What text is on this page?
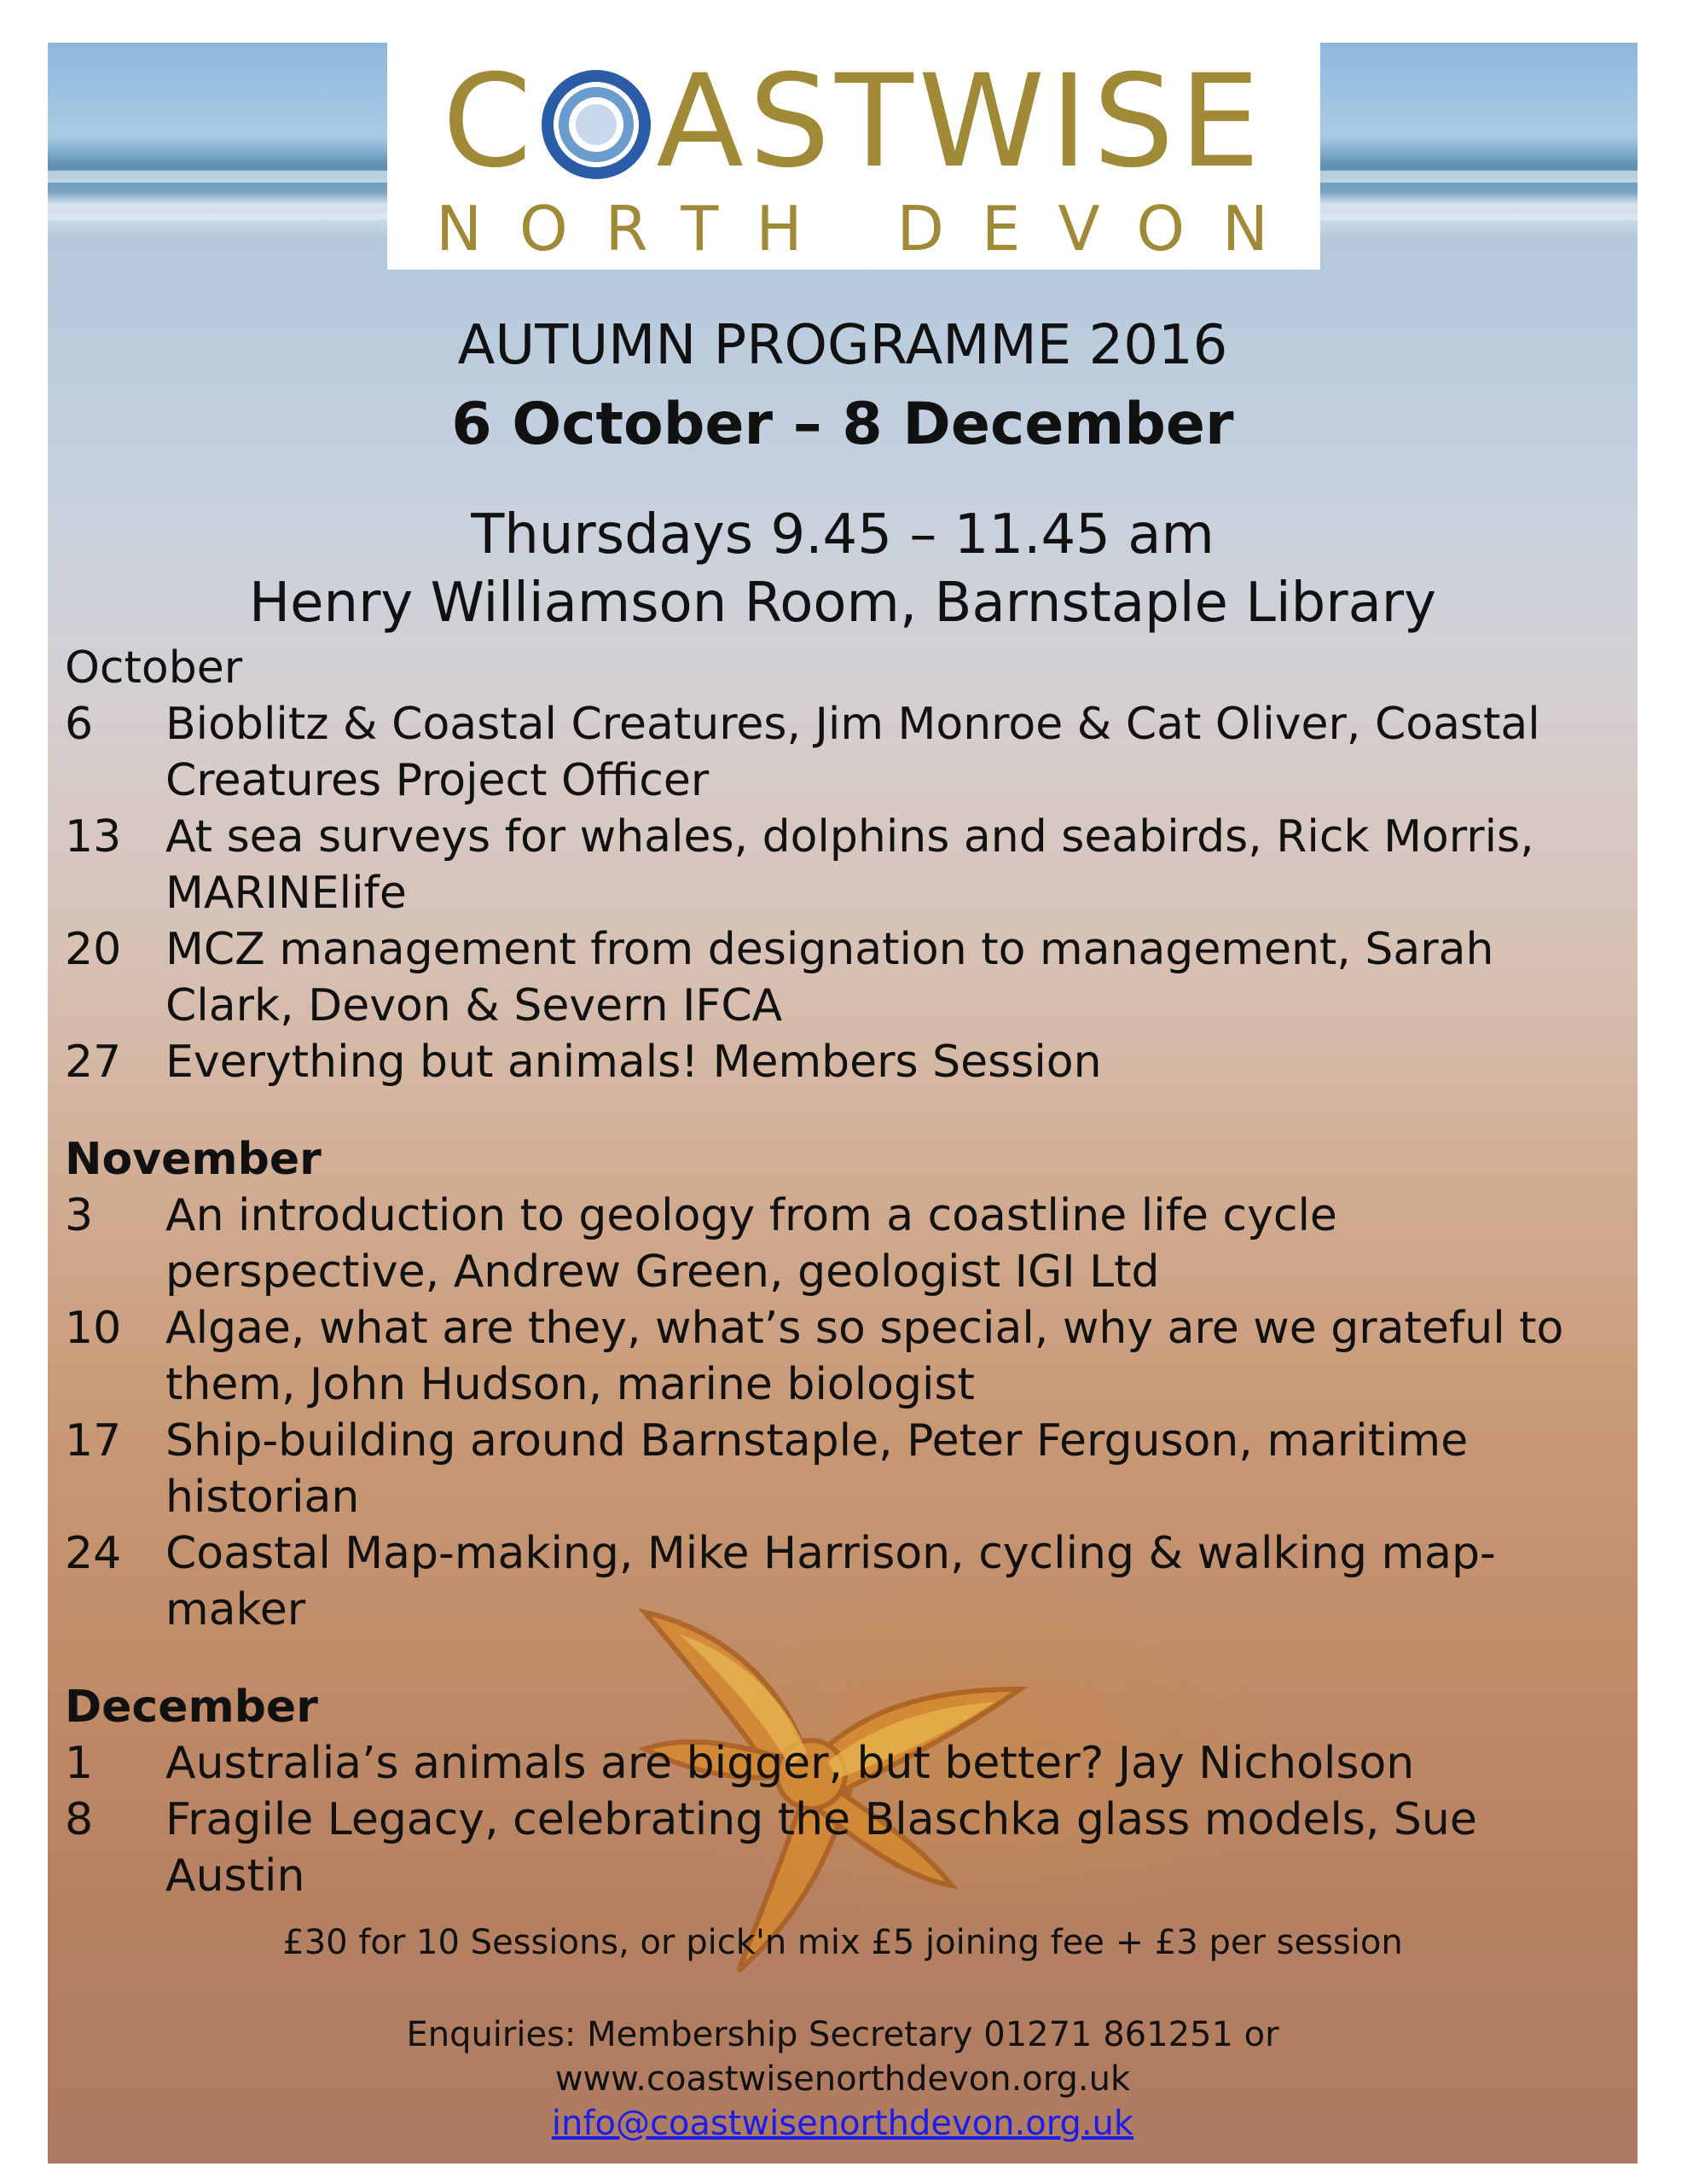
C ASTWISE
NORTH DEVON
AUTUMN PROGRAMME 2016
6 October – 8 December
Thursdays 9.45 – 11.45 am
Henry Williamson Room, Barnstaple Library
October
6	Bioblitz & Coastal Creatures, Jim Monroe & Cat Oliver, Coastal
Creatures Project Officer
13 At sea surveys for whales, dolphins and seabirds, Rick Morris,
MARINElife
20 MCZ management from designation to management, Sarah
Clark, Devon & Severn IFCA
27 Everything but animals! Members Session
November
3	An introduction to geology from a coastline life cycle
perspective, Andrew Green, geologist IGI Ltd
10 Algae, what are they, what’s so special, why are we grateful to
them, John Hudson, marine biologist
17 Ship-building around Barnstaple, Peter Ferguson, maritime
historian
24 Coastal Map-making, Mike Harrison, cycling & walking map-
maker
December
1	Australia’s animals are bigger, but better? Jay Nicholson
8	Fragile Legacy, celebrating the Blaschka glass models, Sue
Austin
£30 for 10 Sessions, or pick'n mix £5 joining fee + £3 per session
Enquiries: Membership Secretary 01271 861251 or
www.coastwisenorthdevon.org.uk
info@coastwisenorthdevon.org.uk
